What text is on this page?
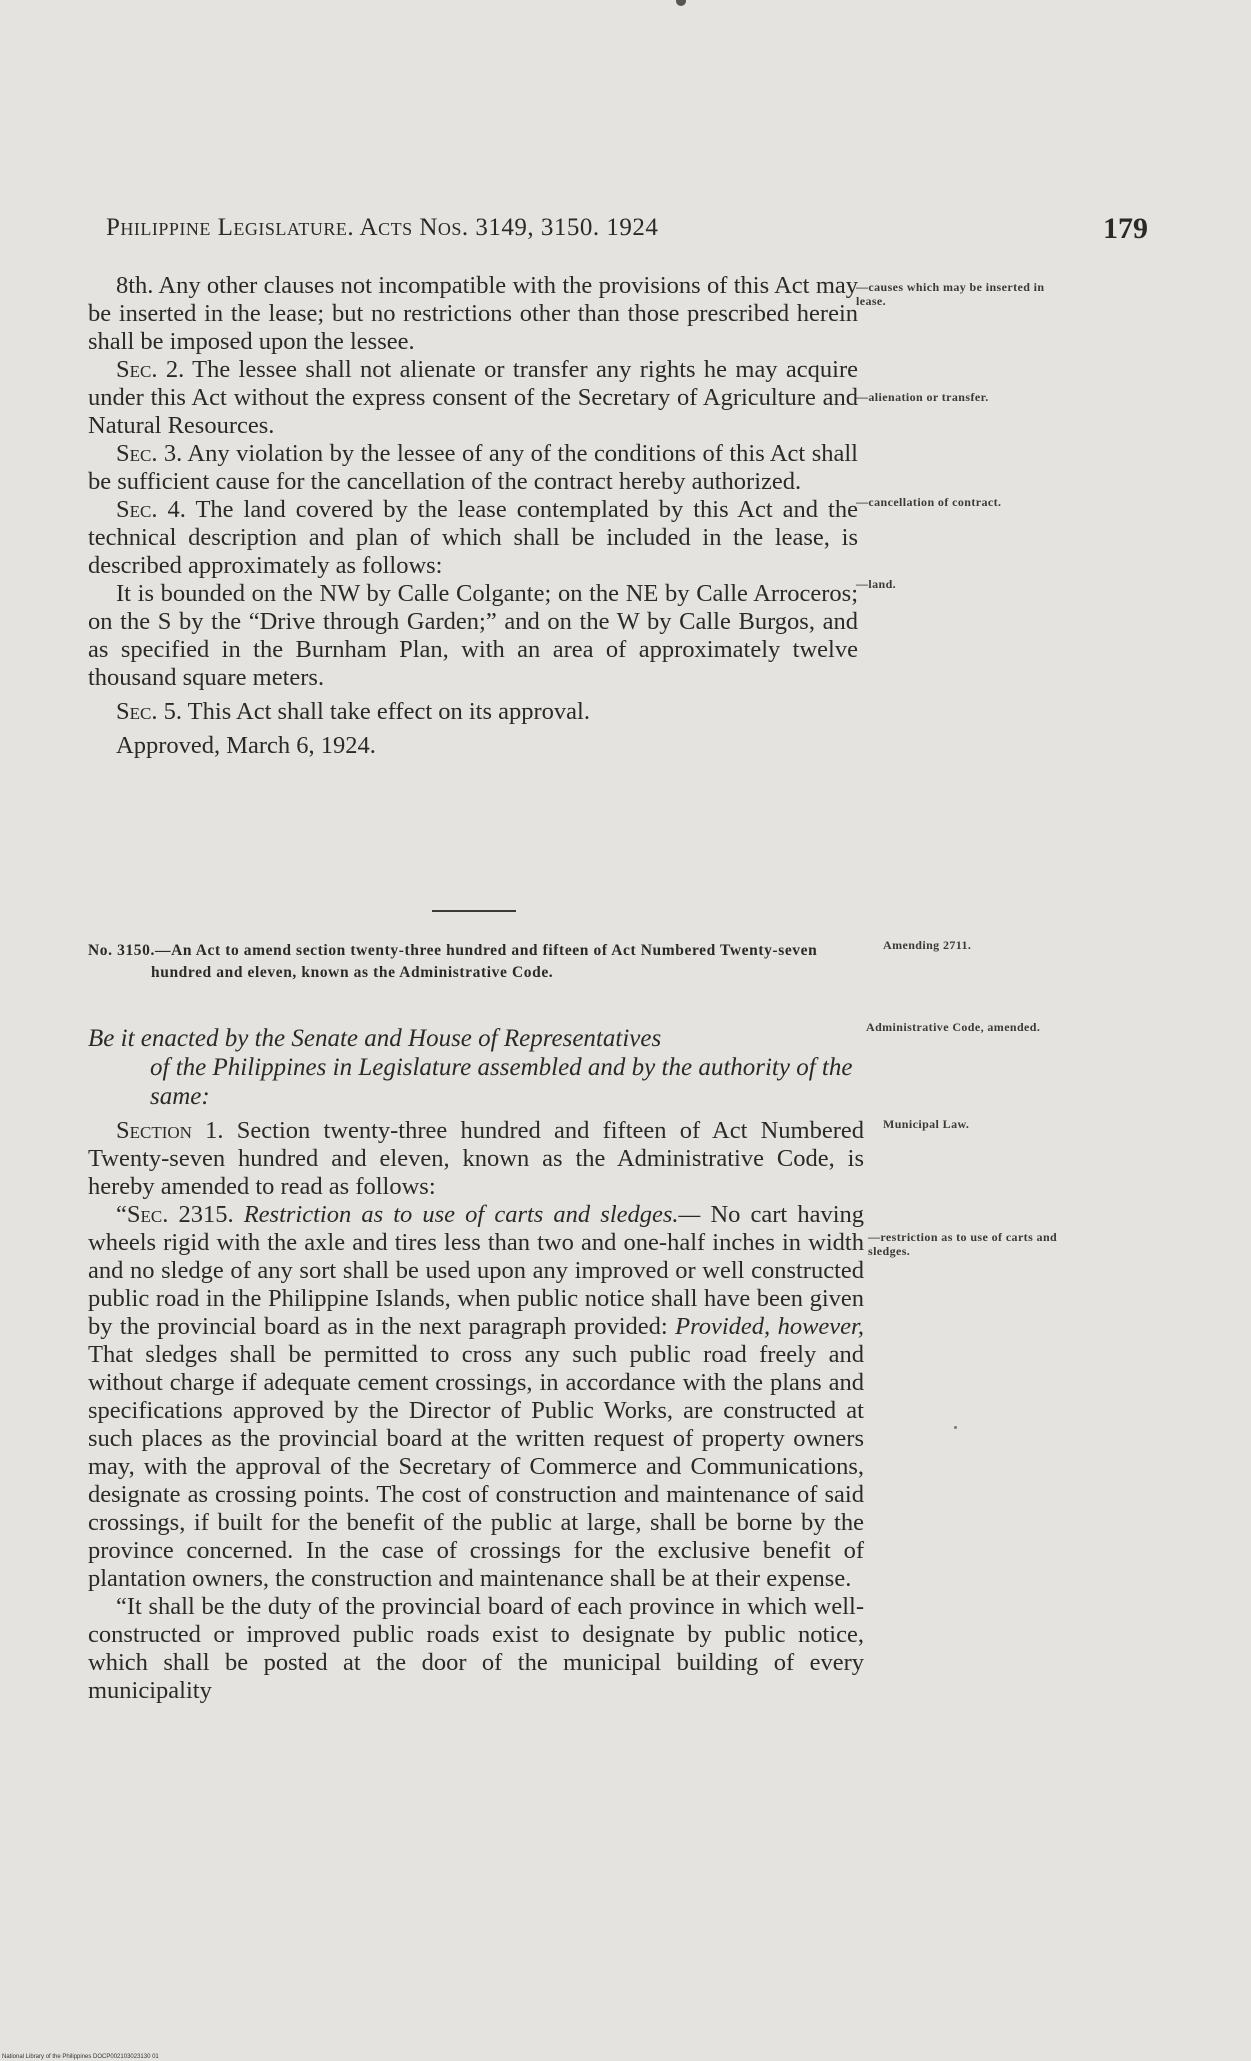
Philippine Legislature. Acts Nos. 3149, 3150. 1924	179

8th. Any other clauses not incompatible with the provisions of this Act may be inserted in the lease; but no restrictions other than those prescribed herein shall be imposed upon the lessee.

Sec. 2. The lessee shall not alienate or transfer any rights he may acquire under this Act without the express consent of the Secretary of Agriculture and Natural Resources.

Sec. 3. Any violation by the lessee of any of the conditions of this Act shall be sufficient cause for the cancellation of the contract hereby authorized.

Sec. 4. The land covered by the lease contemplated by this Act and the technical description and plan of which shall be included in the lease, is described approximately as follows:

It is bounded on the NW by Calle Colgante; on the NE by Calle Arroceros; on the S by the “Drive through Garden;” and on the W by Calle Burgos, and as specified in the Burnham Plan, with an area of approximately twelve thousand square meters.

Sec. 5. This Act shall take effect on its approval.

Approved, March 6, 1924.

No. 3150.—An Act to amend section twenty-three hundred and fifteen of Act Numbered Twenty-seven hundred and eleven, known as the Administrative Code.
Be it enacted by the Senate and House of Representatives
of the Philippines in Legislature assembled and by the authority of the same:

Section 1. Section twenty-three hundred and fifteen of Act Numbered Twenty-seven hundred and eleven, known as the Administrative Code, is hereby amended to read as follows:

“Sec. 2315. Restriction as to use of carts and sledges.— No cart having wheels rigid with the axle and tires less than two and one-half inches in width and no sledge of any sort shall be used upon any improved or well constructed public road in the Philippine Islands, when public notice shall have been given by the provincial board as in the next paragraph provided: Provided, however, That sledges shall be permitted to cross any such public road freely and without charge if adequate cement crossings, in accordance with the plans and specifications approved by the Director of Public Works, are constructed at such places as the provincial board at the written request of property owners may, with the approval of the Secretary of Commerce and Communications, designate as crossing points. The cost of construction and maintenance of said crossings, if built for the benefit of the public at large, shall be borne by the province concerned. In the case of crossings for the exclusive benefit of plantation owners, the construction and maintenance shall be at their expense.

“It shall be the duty of the provincial board of each province in which well-constructed or improved public roads exist to designate by public notice, which shall be posted at the door of the municipal building of every municipality

—causes which may be inserted in lease.
—alienation or transfer.
—cancellation of contract.
—land.
Amending 2711.
Administrative Code, amended.
Municipal Law.
—restriction as to use of carts and sledges.
National Library of the Philippines DOCP002103023130 01
